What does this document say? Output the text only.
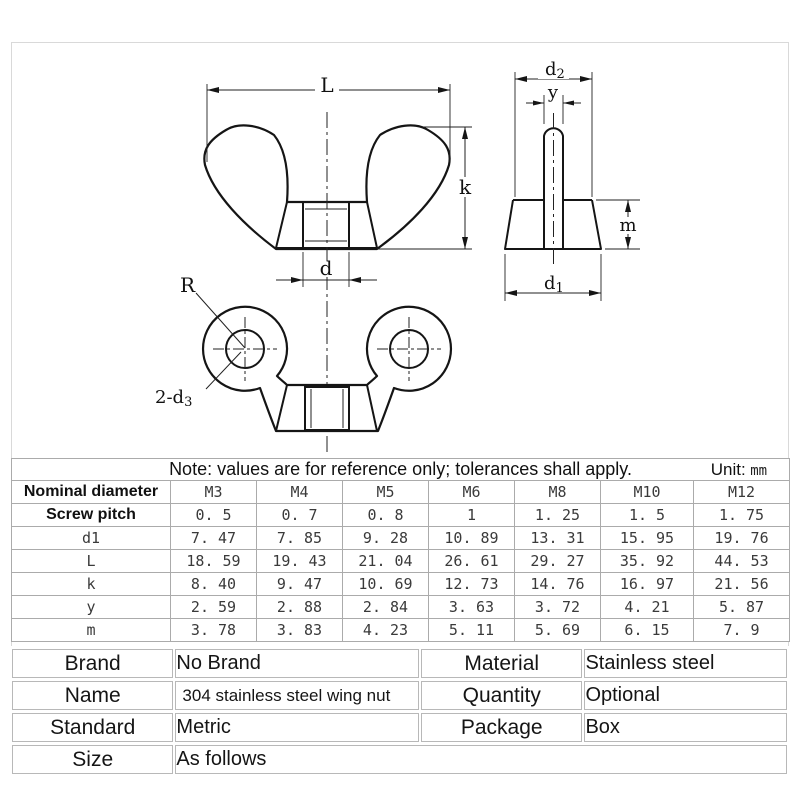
L
k
d
d2
y
m
d1
R
2-d3
Note: values are for reference only; tolerances shall apply. Unit: mm							

Nominal diameter	M3	M4	M5	M6	M8	M10	M12
Screw pitch	0. 5	0. 7	0. 8	1	1. 25	1. 5	1. 75
d1	7. 47	7. 85	9. 28	10. 89	13. 31	15. 95	19. 76
L	18. 59	19. 43	21. 04	26. 61	29. 27	35. 92	44. 53
k	8. 40	9. 47	10. 69	12. 73	14. 76	16. 97	21. 56
y	2. 59	2. 88	2. 84	3. 63	3. 72	4. 21	5. 87
m	3. 78	3. 83	4. 23	5. 11	5. 69	6. 15	7. 9
Brand	No Brand	Material	Stainless steel
Name	304 stainless steel wing nut	Quantity	Optional
Standard	Metric	Package	Box
Size	As follows		
